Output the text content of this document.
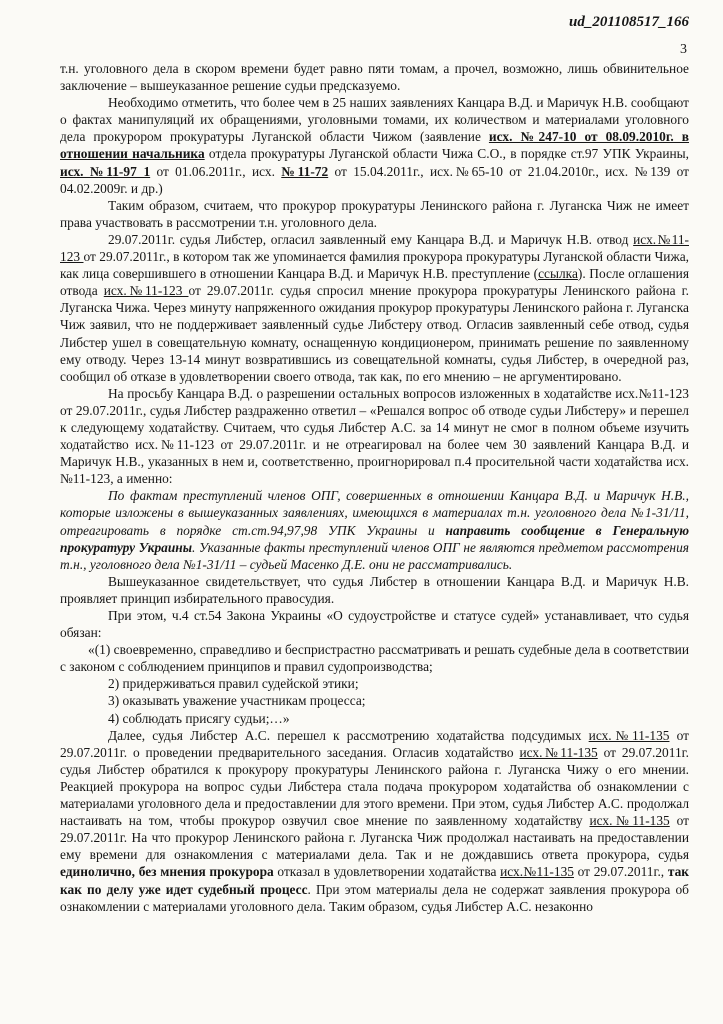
ud_201108517_166
3

т.н. уголовного дела в скором времени будет равно пяти томам, а прочел, возможно, лишь обвинительное заключение – вышеуказанное решение судьи предсказуемо.

Необходимо отметить, что более чем в 25 наших заявлениях Канцара В.Д. и Маричук Н.В. сообщают о фактах манипуляций их обращениями, уголовными томами, их количеством и материалами уголовного дела прокурором прокуратуры Луганской области Чижом (заявление исх. №247-10 от 08.09.2010г. в отношении начальника отдела прокуратуры Луганской области Чижа С.О., в порядке ст.97 УПК Украины, исх. №11-97_1 от 01.06.2011г., исх. №11-72 от 15.04.2011г., исх.№65-10 от 21.04.2010г., исх. №139 от 04.02.2009г. и др.)

Таким образом, считаем, что прокурор прокуратуры Ленинского района г. Луганска Чиж не имеет права участвовать в рассмотрении т.н. уголовного дела.

29.07.2011г. судья Либстер, огласил заявленный ему Канцара В.Д. и Маричук Н.В. отвод исх.№11-123 от 29.07.2011г., в котором так же упоминается фамилия прокурора прокуратуры Луганской области Чижа, как лица совершившего в отношении Канцара В.Д. и Маричук Н.В. преступление (ссылка). После оглашения отвода исх.№11-123 от 29.07.2011г. судья спросил мнение прокурора прокуратуры Ленинского района г. Луганска Чижа. Через минуту напряженного ожидания прокурор прокуратуры Ленинского района г. Луганска Чиж заявил, что не поддерживает заявленный судье Либстеру отвод. Огласив заявленный себе отвод, судья Либстер ушел в совещательную комнату, оснащенную кондиционером, принимать решение по заявленному ему отводу. Через 13-14 минут возвратившись из совещательной комнаты, судья Либстер, в очередной раз, сообщил об отказе в удовлетворении своего отвода, так как, по его мнению – не аргументировано.

На просьбу Канцара В.Д. о разрешении остальных вопросов изложенных в ходатайстве исх.№11-123 от 29.07.2011г., судья Либстер раздраженно ответил – «Решался вопрос об отводе судьи Либстеру» и перешел к следующему ходатайству. Считаем, что судья Либстер А.С. за 14 минут не смог в полном объеме изучить ходатайство исх.№11-123 от 29.07.2011г. и не отреагировал на более чем 30 заявлений Канцара В.Д. и Маричук Н.В., указанных в нем и, соответственно, проигнорировал п.4 просительной части ходатайства исх.№11-123, а именно:

По фактам преступлений членов ОПГ, совершенных в отношении Канцара В.Д. и Маричук Н.В., которые изложены в вышеуказанных заявлениях, имеющихся в материалах т.н. уголовного дела №1-31/11, отреагировать в порядке ст.ст.94,97,98 УПК Украины и направить сообщение в Генеральную прокуратуру Украины. Указанные факты преступлений членов ОПГ не являются предметом рассмотрения т.н., уголовного дела №1-31/11 – судьей Масенко Д.Е. они не рассматривались.

Вышеуказанное свидетельствует, что судья Либстер в отношении Канцара В.Д. и Маричук Н.В. проявляет принцип избирательного правосудия.

При этом, ч.4 ст.54 Закона Украины «О судоустройстве и статусе судей» устанавливает, что судья обязан:

«(1) своевременно, справедливо и беспристрастно рассматривать и решать судебные дела в соответствии с законом с соблюдением принципов и правил судопроизводства;

2) придерживаться правил судейской этики;

3) оказывать уважение участникам процесса;

4) соблюдать присягу судьи;…»

Далее, судья Либстер А.С. перешел к рассмотрению ходатайства подсудимых исх.№11-135 от 29.07.2011г. о проведении предварительного заседания. Огласив ходатайство исх.№11-135 от 29.07.2011г. судья Либстер обратился к прокурору прокуратуры Ленинского района г. Луганска Чижу о его мнении. Реакцией прокурора на вопрос судьи Либстера стала подача прокурором ходатайства об ознакомлении с материалами уголовного дела и предоставлении для этого времени. При этом, судья Либстер А.С. продолжал настаивать на том, чтобы прокурор озвучил свое мнение по заявленному ходатайству исх.№11-135 от 29.07.2011г. На что прокурор Ленинского района г. Луганска Чиж продолжал настаивать на предоставлении ему времени для ознакомления с материалами дела. Так и не дождавшись ответа прокурора, судья единолично, без мнения прокурора отказал в удовлетворении ходатайства исх.№11-135 от 29.07.2011г., так как по делу уже идет судебный процесс. При этом материалы дела не содержат заявления прокурора об ознакомлении с материалами уголовного дела. Таким образом, судья Либстер А.С. незаконно
